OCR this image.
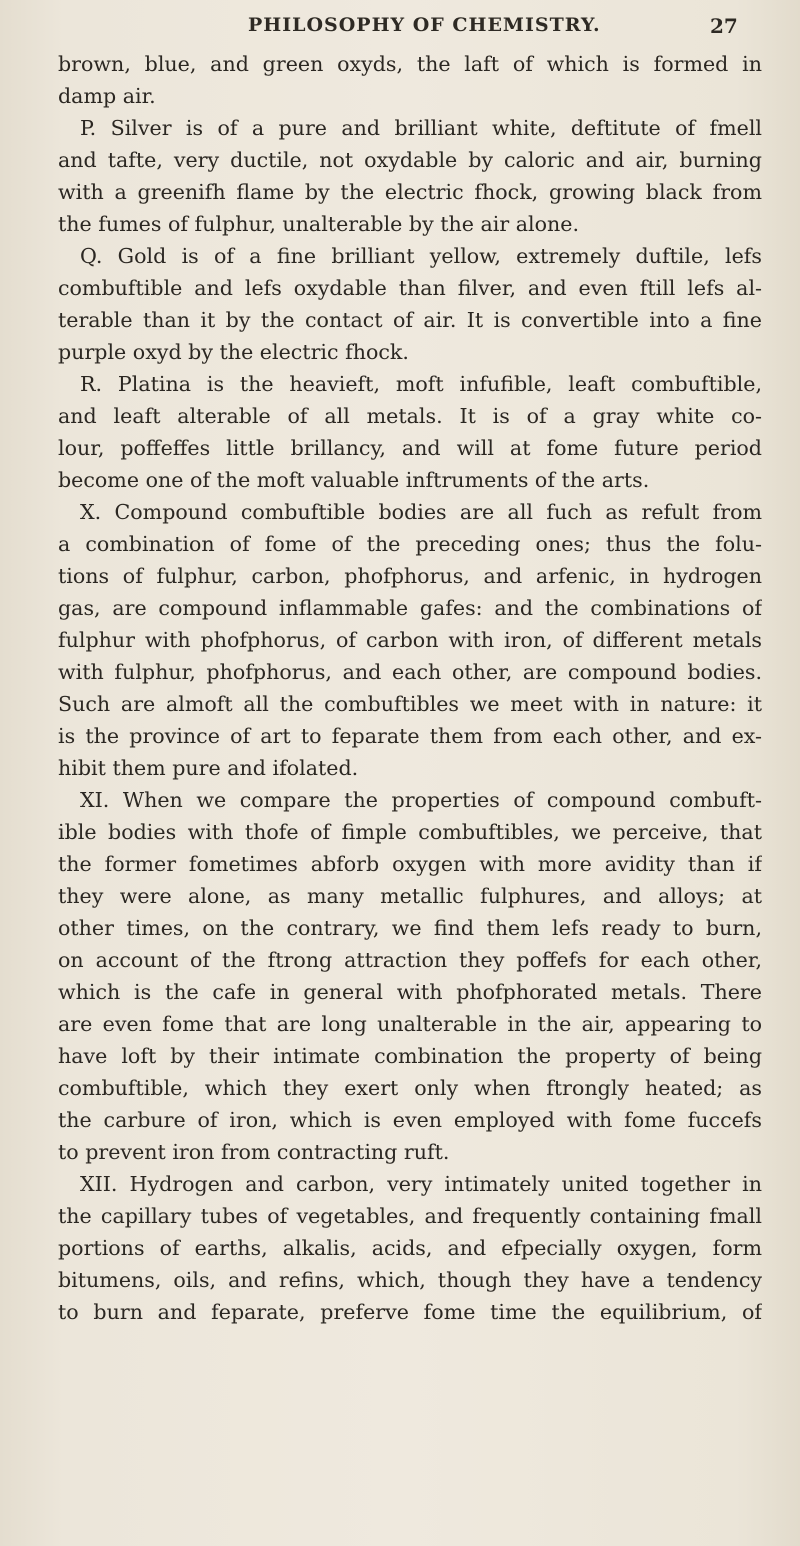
PHILOSOPHY OF CHEMISTRY.	27
brown, blue, and green oxyds, the laft of which is formed in
damp air.
P. Silver is of a pure and brilliant white, deftitute of fmell
and tafte, very ductile, not oxydable by caloric and air, burning
with a greenifh flame by the electric fhock, growing black from
the fumes of fulphur, unalterable by the air alone.
Q. Gold is of a fine brilliant yellow, extremely duftile, lefs
combuftible and lefs oxydable than filver, and even ftill lefs al-
terable than it by the contact of air. It is convertible into a fine
purple oxyd by the electric fhock.
R. Platina is the heavieft, moft infufible, leaft combuftible,
and leaft alterable of all metals. It is of a gray white co-
lour, poffeffes little brillancy, and will at fome future period
become one of the moft valuable inftruments of the arts.
X. Compound combuftible bodies are all fuch as refult from
a combination of fome of the preceding ones; thus the folu-
tions of fulphur, carbon, phofphorus, and arfenic, in hydrogen
gas, are compound inflammable gafes: and the combinations of
fulphur with phofphorus, of carbon with iron, of different metals
with fulphur, phofphorus, and each other, are compound bodies.
Such are almoft all the combuftibles we meet with in nature: it
is the province of art to feparate them from each other, and ex-
hibit them pure and ifolated.
XI. When we compare the properties of compound combuft-
ible bodies with thofe of fimple combuftibles, we perceive, that
the former fometimes abforb oxygen with more avidity than if
they were alone, as many metallic fulphures, and alloys; at
other times, on the contrary, we find them lefs ready to burn,
on account of the ftrong attraction they poffefs for each other,
which is the cafe in general with phofphorated metals. There
are even fome that are long unalterable in the air, appearing to
have loft by their intimate combination the property of being
combuftible, which they exert only when ftrongly heated; as
the carbure of iron, which is even employed with fome fuccefs
to prevent iron from contracting ruft.
XII. Hydrogen and carbon, very intimately united together in
the capillary tubes of vegetables, and frequently containing fmall
portions of earths, alkalis, acids, and efpecially oxygen, form
bitumens, oils, and refins, which, though they have a tendency
to burn and feparate, preferve fome time the equilibrium, of
